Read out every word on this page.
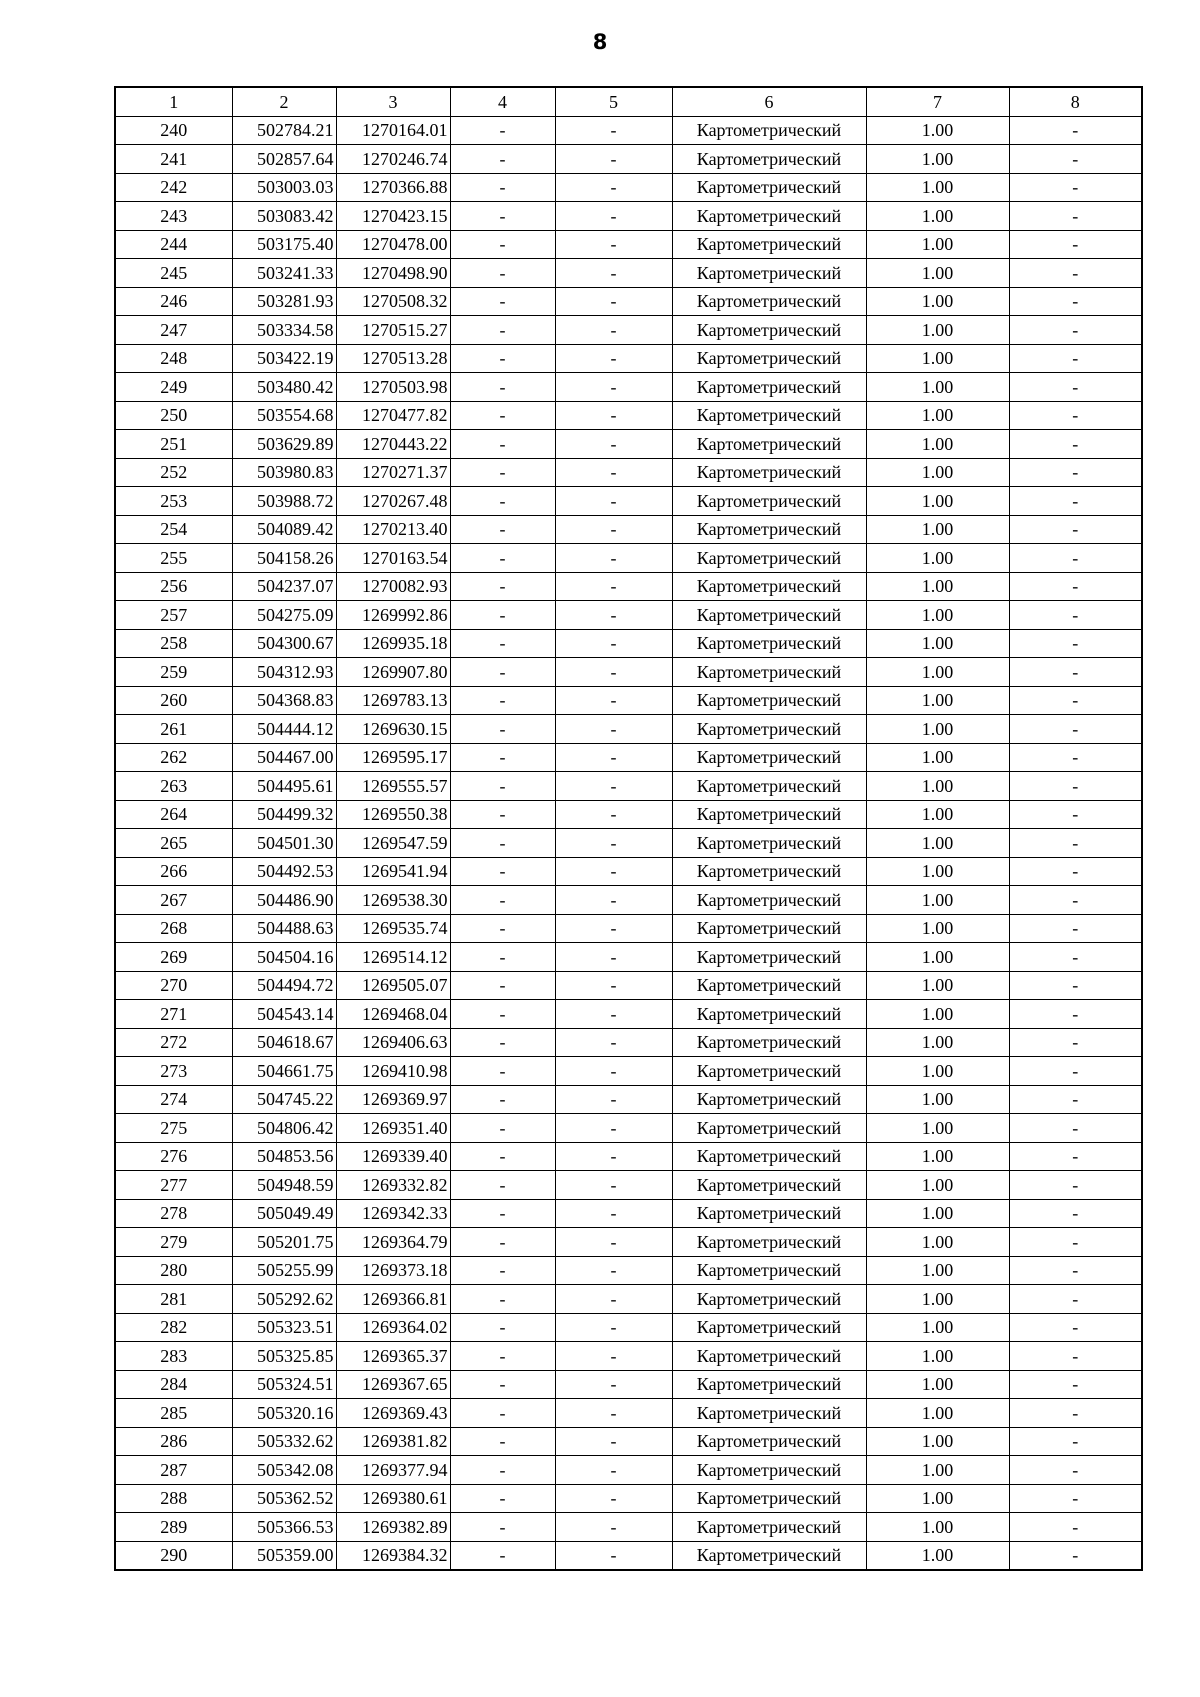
8
1	2	3	4	5	6	7	8
240	502784.21	1270164.01	-	-	Картометрический	1.00	-
241	502857.64	1270246.74	-	-	Картометрический	1.00	-
242	503003.03	1270366.88	-	-	Картометрический	1.00	-
243	503083.42	1270423.15	-	-	Картометрический	1.00	-
244	503175.40	1270478.00	-	-	Картометрический	1.00	-
245	503241.33	1270498.90	-	-	Картометрический	1.00	-
246	503281.93	1270508.32	-	-	Картометрический	1.00	-
247	503334.58	1270515.27	-	-	Картометрический	1.00	-
248	503422.19	1270513.28	-	-	Картометрический	1.00	-
249	503480.42	1270503.98	-	-	Картометрический	1.00	-
250	503554.68	1270477.82	-	-	Картометрический	1.00	-
251	503629.89	1270443.22	-	-	Картометрический	1.00	-
252	503980.83	1270271.37	-	-	Картометрический	1.00	-
253	503988.72	1270267.48	-	-	Картометрический	1.00	-
254	504089.42	1270213.40	-	-	Картометрический	1.00	-
255	504158.26	1270163.54	-	-	Картометрический	1.00	-
256	504237.07	1270082.93	-	-	Картометрический	1.00	-
257	504275.09	1269992.86	-	-	Картометрический	1.00	-
258	504300.67	1269935.18	-	-	Картометрический	1.00	-
259	504312.93	1269907.80	-	-	Картометрический	1.00	-
260	504368.83	1269783.13	-	-	Картометрический	1.00	-
261	504444.12	1269630.15	-	-	Картометрический	1.00	-
262	504467.00	1269595.17	-	-	Картометрический	1.00	-
263	504495.61	1269555.57	-	-	Картометрический	1.00	-
264	504499.32	1269550.38	-	-	Картометрический	1.00	-
265	504501.30	1269547.59	-	-	Картометрический	1.00	-
266	504492.53	1269541.94	-	-	Картометрический	1.00	-
267	504486.90	1269538.30	-	-	Картометрический	1.00	-
268	504488.63	1269535.74	-	-	Картометрический	1.00	-
269	504504.16	1269514.12	-	-	Картометрический	1.00	-
270	504494.72	1269505.07	-	-	Картометрический	1.00	-
271	504543.14	1269468.04	-	-	Картометрический	1.00	-
272	504618.67	1269406.63	-	-	Картометрический	1.00	-
273	504661.75	1269410.98	-	-	Картометрический	1.00	-
274	504745.22	1269369.97	-	-	Картометрический	1.00	-
275	504806.42	1269351.40	-	-	Картометрический	1.00	-
276	504853.56	1269339.40	-	-	Картометрический	1.00	-
277	504948.59	1269332.82	-	-	Картометрический	1.00	-
278	505049.49	1269342.33	-	-	Картометрический	1.00	-
279	505201.75	1269364.79	-	-	Картометрический	1.00	-
280	505255.99	1269373.18	-	-	Картометрический	1.00	-
281	505292.62	1269366.81	-	-	Картометрический	1.00	-
282	505323.51	1269364.02	-	-	Картометрический	1.00	-
283	505325.85	1269365.37	-	-	Картометрический	1.00	-
284	505324.51	1269367.65	-	-	Картометрический	1.00	-
285	505320.16	1269369.43	-	-	Картометрический	1.00	-
286	505332.62	1269381.82	-	-	Картометрический	1.00	-
287	505342.08	1269377.94	-	-	Картометрический	1.00	-
288	505362.52	1269380.61	-	-	Картометрический	1.00	-
289	505366.53	1269382.89	-	-	Картометрический	1.00	-
290	505359.00	1269384.32	-	-	Картометрический	1.00	-
